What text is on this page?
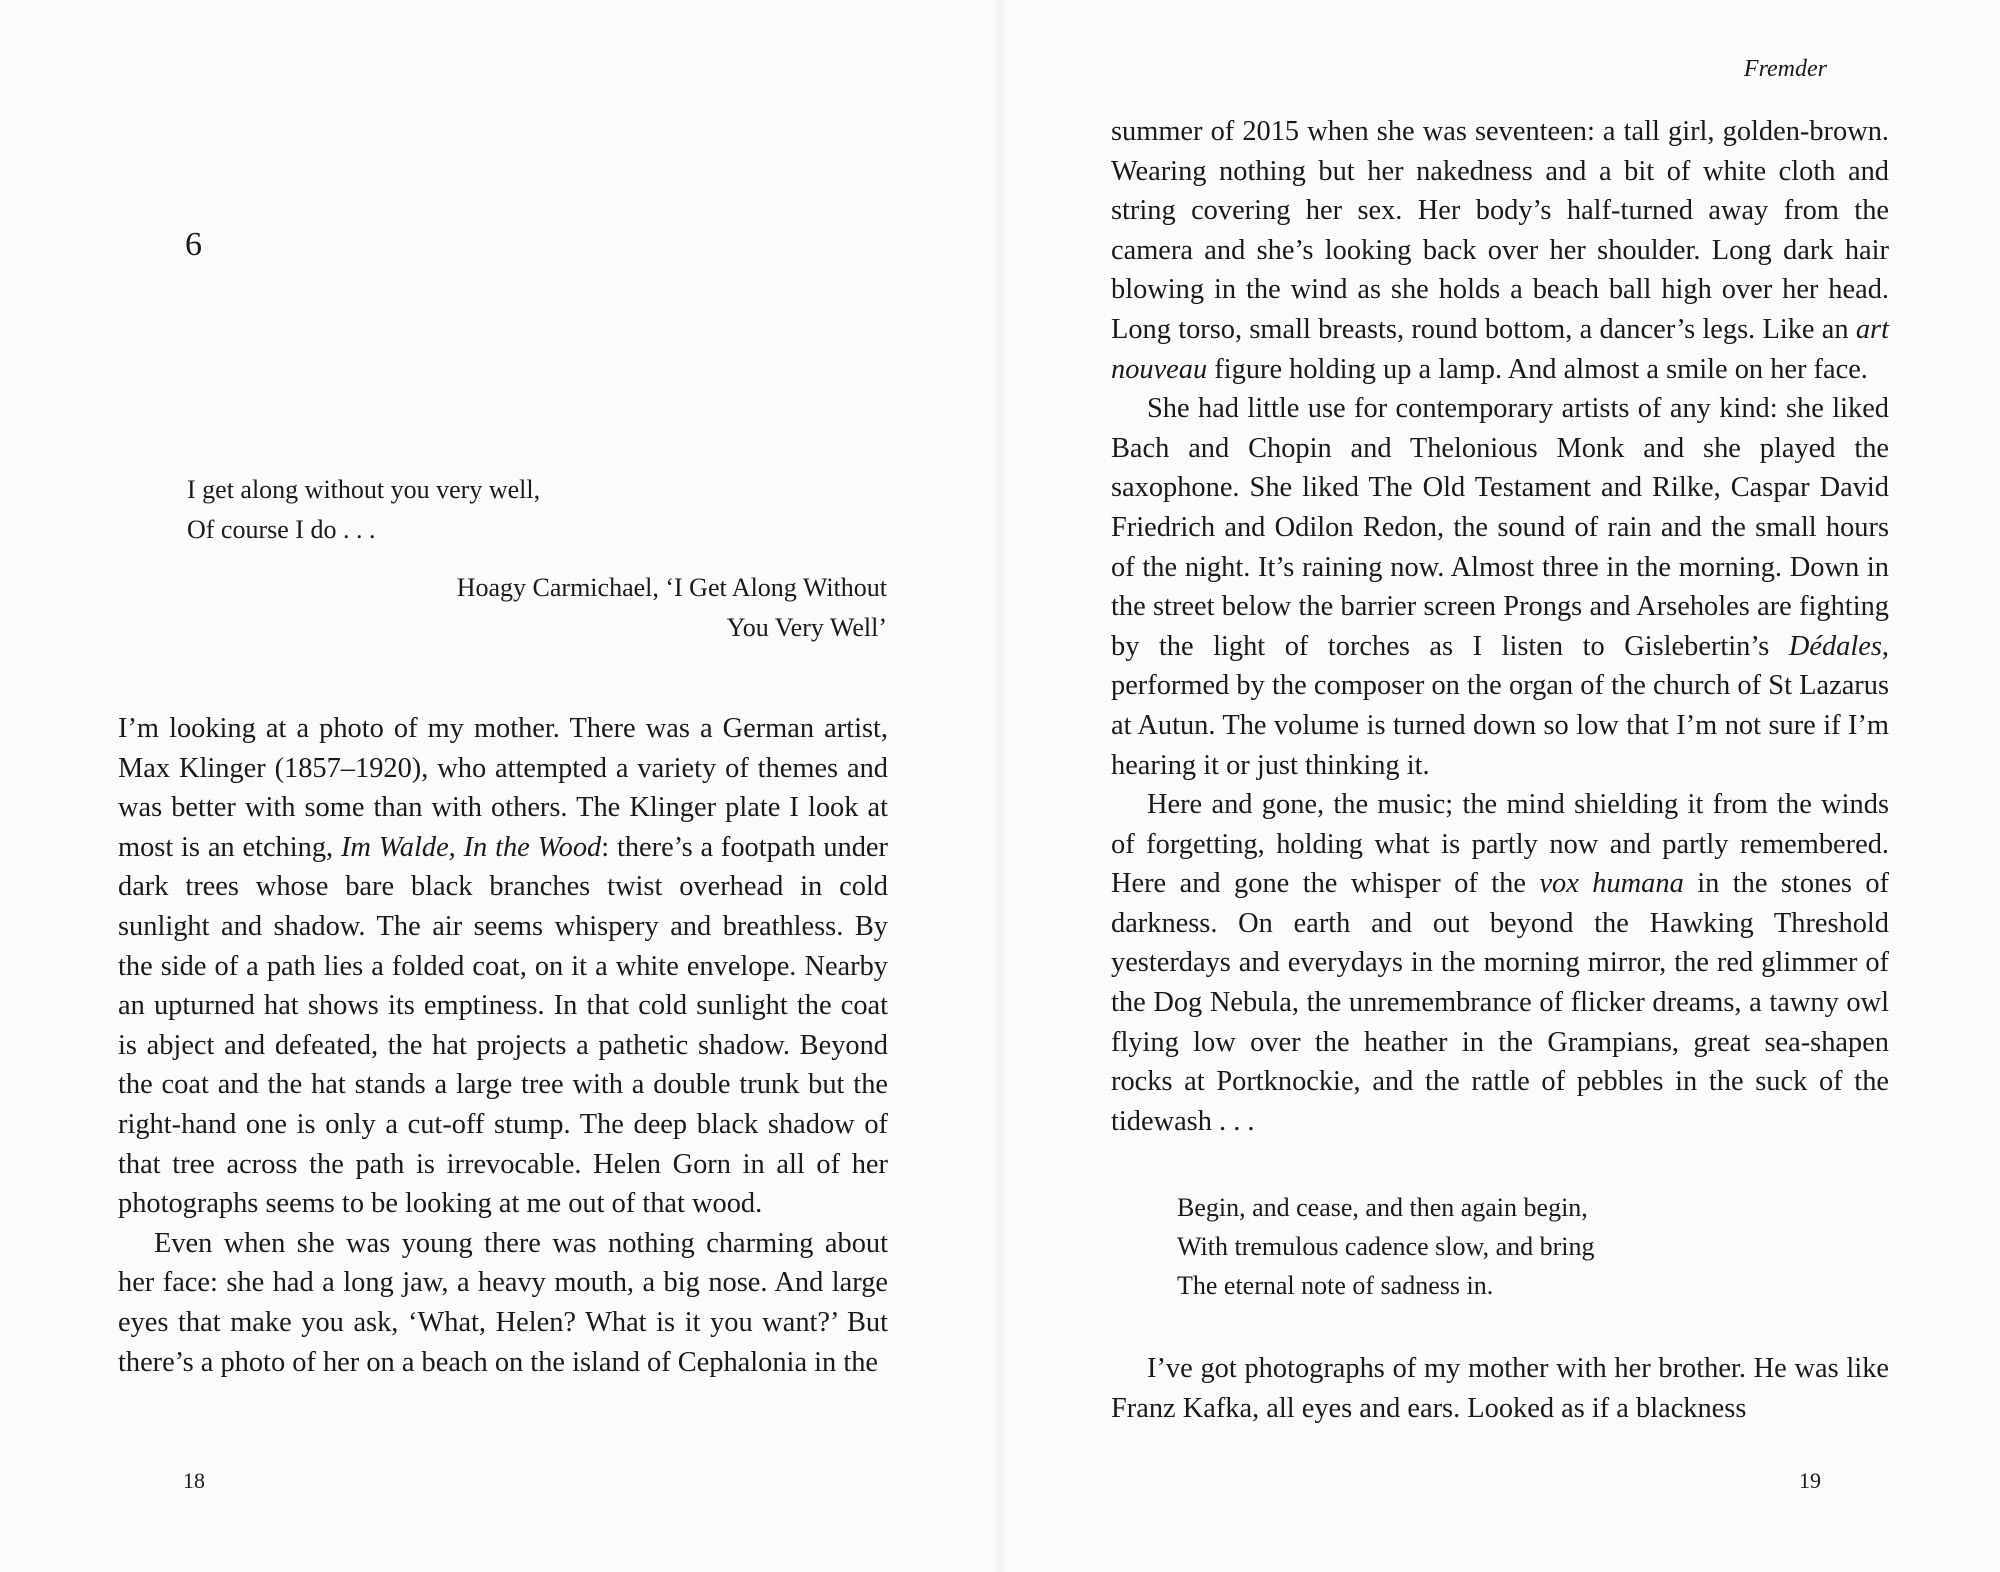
6
I get along without you very well,
Of course I do . . .
Hoagy Carmichael, ‘I Get Along Without
You Very Well’

I’m looking at a photo of my mother. There was a German artist, Max Klinger (1857–1920), who attempted a variety of themes and was better with some than with others. The Klinger plate I look at most is an etching, Im Walde, In the Wood: there’s a footpath under dark trees whose bare black branches twist overhead in cold sunlight and shadow. The air seems whispery and breathless. By the side of a path lies a folded coat, on it a white envelope. Nearby an upturned hat shows its emptiness. In that cold sunlight the coat is abject and defeated, the hat projects a pathetic shadow. Beyond the coat and the hat stands a large tree with a double trunk but the right-hand one is only a cut-off stump. The deep black shadow of that tree across the path is irrevocable. Helen Gorn in all of her photographs seems to be looking at me out of that wood.

Even when she was young there was nothing charming about her face: she had a long jaw, a heavy mouth, a big nose. And large eyes that make you ask, ‘What, Helen? What is it you want?’ But there’s a photo of her on a beach on the island of Cephalonia in the

18
Fremder

summer of 2015 when she was seventeen: a tall girl, golden-brown. Wearing nothing but her nakedness and a bit of white cloth and string covering her sex. Her body’s half-turned away from the camera and she’s looking back over her shoulder. Long dark hair blowing in the wind as she holds a beach ball high over her head. Long torso, small breasts, round bottom, a dancer’s legs. Like an art nouveau figure holding up a lamp. And almost a smile on her face.

She had little use for contemporary artists of any kind: she liked Bach and Chopin and Thelonious Monk and she played the saxophone. She liked The Old Testament and Rilke, Caspar David Friedrich and Odilon Redon, the sound of rain and the small hours of the night. It’s raining now. Almost three in the morning. Down in the street below the barrier screen Prongs and Arseholes are fighting by the light of torches as I listen to Gislebertin’s Dédales, performed by the composer on the organ of the church of St Lazarus at Autun. The volume is turned down so low that I’m not sure if I’m hearing it or just thinking it.

Here and gone, the music; the mind shielding it from the winds of forgetting, holding what is partly now and partly remembered. Here and gone the whisper of the vox humana in the stones of darkness. On earth and out beyond the Hawking Threshold yesterdays and everydays in the morning mirror, the red glimmer of the Dog Nebula, the unremembrance of flicker dreams, a tawny owl flying low over the heather in the Grampians, great sea-shapen rocks at Portknockie, and the rattle of pebbles in the suck of the tidewash . . .

Begin, and cease, and then again begin,
With tremulous cadence slow, and bring
The eternal note of sadness in.

I’ve got photographs of my mother with her brother. He was like Franz Kafka, all eyes and ears. Looked as if a blackness

19
